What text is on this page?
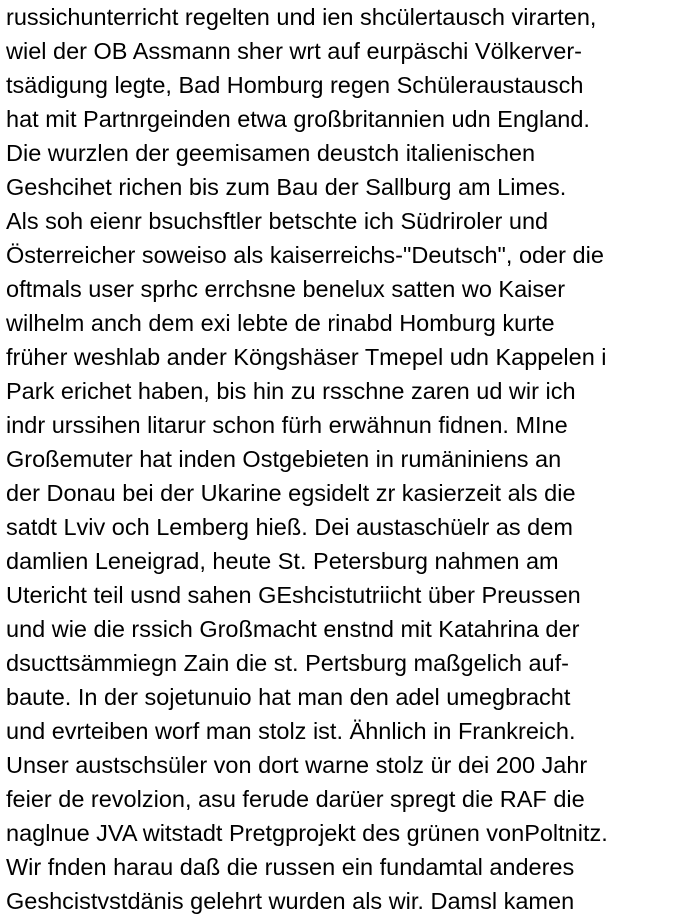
russichunterricht regelten und ien shcülertausch virarten,
wiel der OB Assmann sher wrt auf eurpäschi Völkerver-
tsädigung legte, Bad Homburg regen Schüleraustausch
hat mit Partnrgeinden etwa großbritannien udn England.
Die wurzlen der geemisamen deustch italienischen
Geshcihet richen bis zum Bau der Sallburg am Limes.
Als soh eienr bsuchsftler betschte ich Südriroler und
Österreicher soweiso als kaiserreichs-"Deutsch", oder die
oftmals user sprhc errchsne benelux satten wo Kaiser
wilhelm anch dem exi lebte de rinabd Homburg kurte
früher weshlab ander Köngshäser Tmepel udn Kappelen i
Park erichet haben, bis hin zu rsschne zaren ud wir ich
indr urssihen litarur schon fürh erwähnun fidnen. MIne
Großemuter hat inden Ostgebieten in rumäniniens an
der Donau bei der Ukarine egsidelt zr kasierzeit als die
satdt Lviv och Lemberg hieß. Dei austaschüelr as dem
damlien Leneigrad, heute St. Petersburg nahmen am
Utericht teil usnd sahen GEshcistutriicht über Preussen
und wie die rssich Großmacht enstnd mit Katahrina der
dsucttsämmiegn Zain die st. Pertsburg maßgelich auf-
baute. In der sojetunuio hat man den adel umegbracht
und evrteiben worf man stolz ist. Ähnlich in Frankreich.
Unser austschsüler von dort warne stolz ür dei 200 Jahr
feier de revolzion, asu ferude darüer spregt die RAF die
naglnue JVA witstadt Pretgprojekt des grünen vonPoltnitz.
Wir fnden harau daß die russen ein fundamtal anderes
Geshcistvstdänis gelehrt wurden als wir. Damsl kamen
